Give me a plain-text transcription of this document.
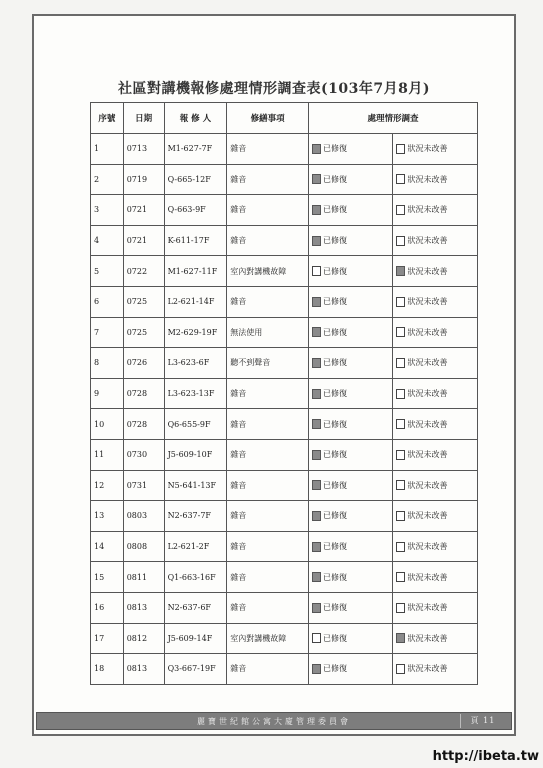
社區對講機報修處理情形調查表(103年7月8月)
序號	日期	報 修 人	修繕事項	處理情形調查	
1	0713	M1-627-7F	雜音	已修復	狀況未改善

2	0719	Q-665-12F	雜音	已修復	狀況未改善

3	0721	Q-663-9F	雜音	已修復	狀況未改善

4	0721	K-611-17F	雜音	已修復	狀況未改善

5	0722	M1-627-11F	室內對講機故障	已修復	狀況未改善

6	0725	L2-621-14F	雜音	已修復	狀況未改善

7	0725	M2-629-19F	無法使用	已修復	狀況未改善

8	0726	L3-623-6F	聽不到聲音	已修復	狀況未改善

9	0728	L3-623-13F	雜音	已修復	狀況未改善

10	0728	Q6-655-9F	雜音	已修復	狀況未改善

11	0730	J5-609-10F	雜音	已修復	狀況未改善

12	0731	N5-641-13F	雜音	已修復	狀況未改善

13	0803	N2-637-7F	雜音	已修復	狀況未改善

14	0808	L2-621-2F	雜音	已修復	狀況未改善

15	0811	Q1-663-16F	雜音	已修復	狀況未改善

16	0813	N2-637-6F	雜音	已修復	狀況未改善

17	0812	J5-609-14F	室內對講機故障	已修復	狀況未改善

18	0813	Q3-667-19F	雜音	已修復	狀況未改善
麗寶世紀館公寓大廈管理委員會	頁 11
http://ibeta.tw
